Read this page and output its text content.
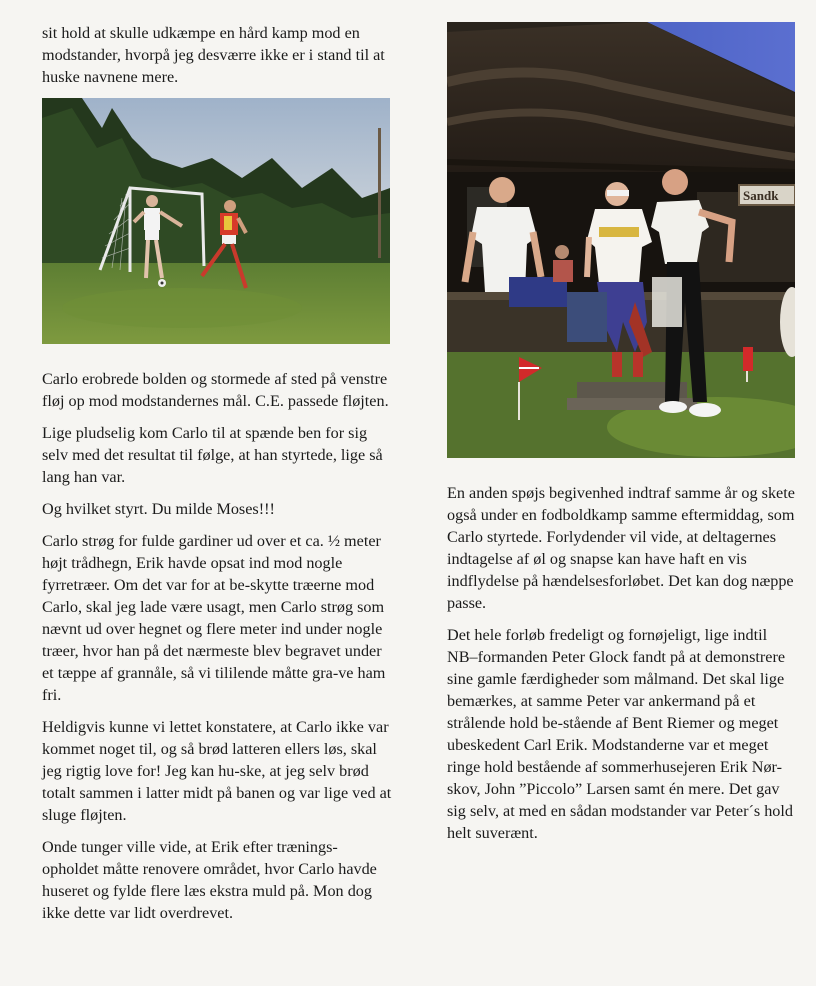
sit hold at skulle udkæmpe en hård kamp mod en modstander, hvorpå jeg desværre ikke er i stand til at huske navnene mere.

Carlo erobrede bolden og stormede af sted på venstre fløj op mod modstandernes mål. C.E. passede fløjten.

Lige pludselig kom Carlo til at spænde ben for sig selv med det resultat til følge, at han styrtede, lige så lang han var.

Og hvilket styrt. Du milde Moses!!!

Carlo strøg for fulde gardiner ud over et ca. ½ meter højt trådhegn, Erik havde opsat ind mod nogle fyrretræer. Om det var for at be-skytte træerne mod Carlo, skal jeg lade være usagt, men Carlo strøg som nævnt ud over hegnet og flere meter ind under nogle træer, hvor han på det nærmeste blev begravet under et tæppe af grannåle, så vi tililende måtte gra-ve ham fri.

Heldigvis kunne vi lettet konstatere, at Carlo ikke var kommet noget til, og så brød latteren ellers løs, skal jeg rigtig love for! Jeg kan hu-ske, at jeg selv brød totalt sammen i latter midt på banen og var lige ved at sluge fløjten.

Onde tunger ville vide, at Erik efter trænings-opholdet måtte renovere området, hvor Carlo havde huseret og fylde flere læs ekstra muld på. Mon dog ikke dette var lidt overdrevet.

Sandk

En anden spøjs begivenhed indtraf samme år og skete også under en fodboldkamp samme eftermiddag, som Carlo styrtede. Forlydender vil vide, at deltagernes indtagelse af øl og snapse kan have haft en vis indflydelse på hændelsesforløbet. Det kan dog næppe passe.

Det hele forløb fredeligt og fornøjeligt, lige indtil NB–formanden Peter Glock fandt på at demonstrere sine gamle færdigheder som målmand. Det skal lige bemærkes, at samme Peter var ankermand på et strålende hold be-stående af Bent Riemer og meget ubeskedent Carl Erik. Modstanderne var et meget ringe hold bestående af sommerhusejeren Erik Nør-skov, John ”Piccolo” Larsen samt én mere. Det gav sig selv, at med en sådan modstander var Peter´s hold helt suverænt.
